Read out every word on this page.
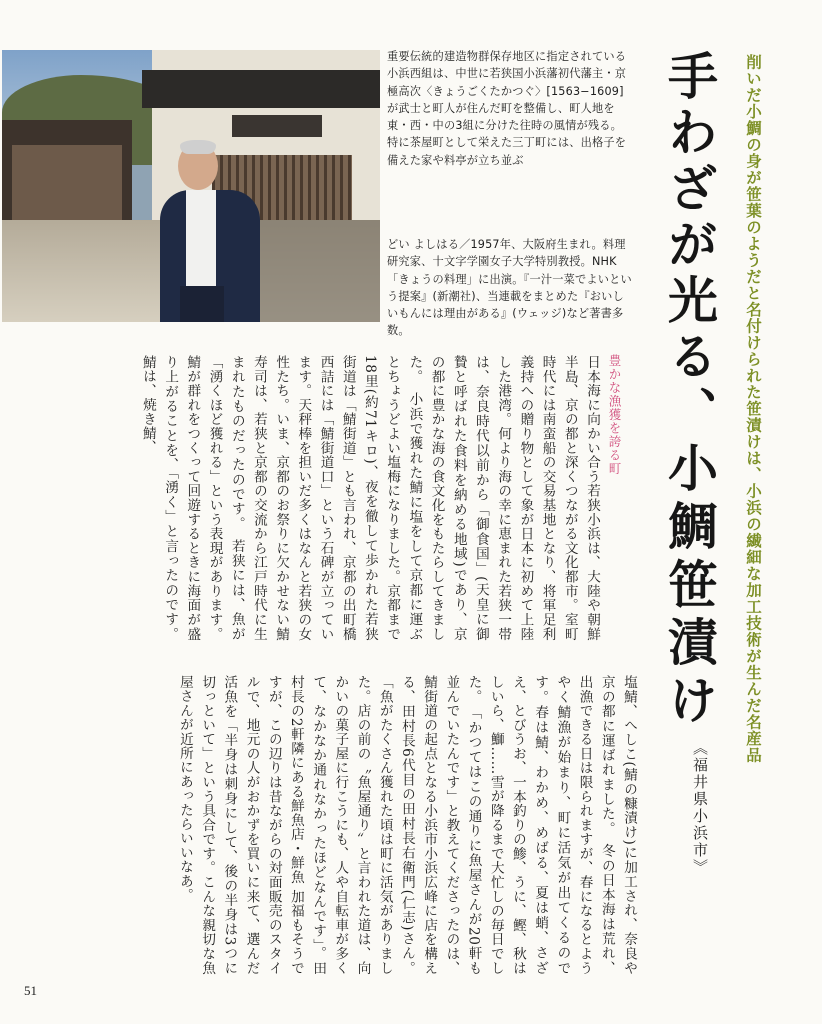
重要伝統的建造物群保存地区に指定されている小浜西組は、中世に若狭国小浜藩初代藩主・京極高次〈きょうごくたかつぐ〉[1563−1609]が武士と町人が住んだ町を整備し、町人地を東・西・中の3組に分けた往時の風情が残る。特に茶屋町として栄えた三丁町には、出格子を備えた家や料亭が立ち並ぶ

どい よしはる／1957年、大阪府生まれ。料理研究家、十文字学園女子大学特別教授。NHK「きょうの料理」に出演。『一汁一菜でよいという提案』(新潮社)、当連載をまとめた『おいしいもんには理由がある』(ウェッジ)など著書多数。	削いだ小鯛の身が笹葉のようだと名付けられた笹漬けは、小浜の繊細な加工技術が生んだ名産品

手わざが光る、小鯛笹漬け

《福井県小浜市》

豊かな漁獲を誇る町

日本海に向かい合う若狭小浜は、大陸や朝鮮半島、京の都と深くつながる文化都市。室町時代には南蛮船の交易基地となり、将軍足利義持への贈り物として象が日本に初めて上陸した港湾。何より海の幸に恵まれた若狭一帯は、奈良時代以前から「御食国」(天皇に御贄と呼ばれた食料を納める地域)であり、京の都に豊かな海の食文化をもたらしてきました。　小浜で獲れた鯖に塩をして京都に運ぶとちょうどよい塩梅になりました。京都まで18里(約71キロ)、夜を徹して歩かれた若狭街道は「鯖街道」とも言われ、京都の出町橋西詰には「鯖街道口」という石碑が立っています。天秤棒を担いだ多くはなんと若狭の女性たち。いま、京都のお祭りに欠かせない鯖寿司は、若狭と京都の交流から江戸時代に生まれたものだったのです。　若狭には、魚が「湧くほど獲れる」という表現があります。鯖が群れをつくって回遊するときに海面が盛り上がることを、「湧く」と言ったのです。鯖は、焼き鯖、

塩鯖、へしこ(鯖の糠漬け)に加工され、奈良や京の都に運ばれました。　冬の日本海は荒れ、出漁できる日は限られますが、春になるとようやく鯖漁が始まり、町に活気が出てくるのです。春は鯖、わかめ、めばる、夏は蛸、さざえ、とびうお、一本釣りの鯵、うに、鰹、秋はしいら、鰤……雪が降るまで大忙しの毎日でした。　「かつてはこの通りに魚屋さんが20軒も並んでいたんです」と教えてくださったのは、鯖街道の起点となる小浜市小浜広峰に店を構える、田村長6代目の田村長右衛門(仁志)さん。「魚がたくさん獲れた頃は町に活気がありました。店の前の〝魚屋通り〟と言われた道は、向かいの菓子屋に行こうにも、人や自転車が多くて、なかなか通れなかったほどなんです」。田村長の2軒隣にある鮮魚店・鮮魚 加福もそうですが、この辺りは昔ながらの対面販売のスタイルで、地元の人がおかずを買いに来て、選んだ活魚を「半身は刺身にして、後の半身は3つに切っといて」という具合です。こんな親切な魚屋さんが近所にあったらいいなあ。

51
